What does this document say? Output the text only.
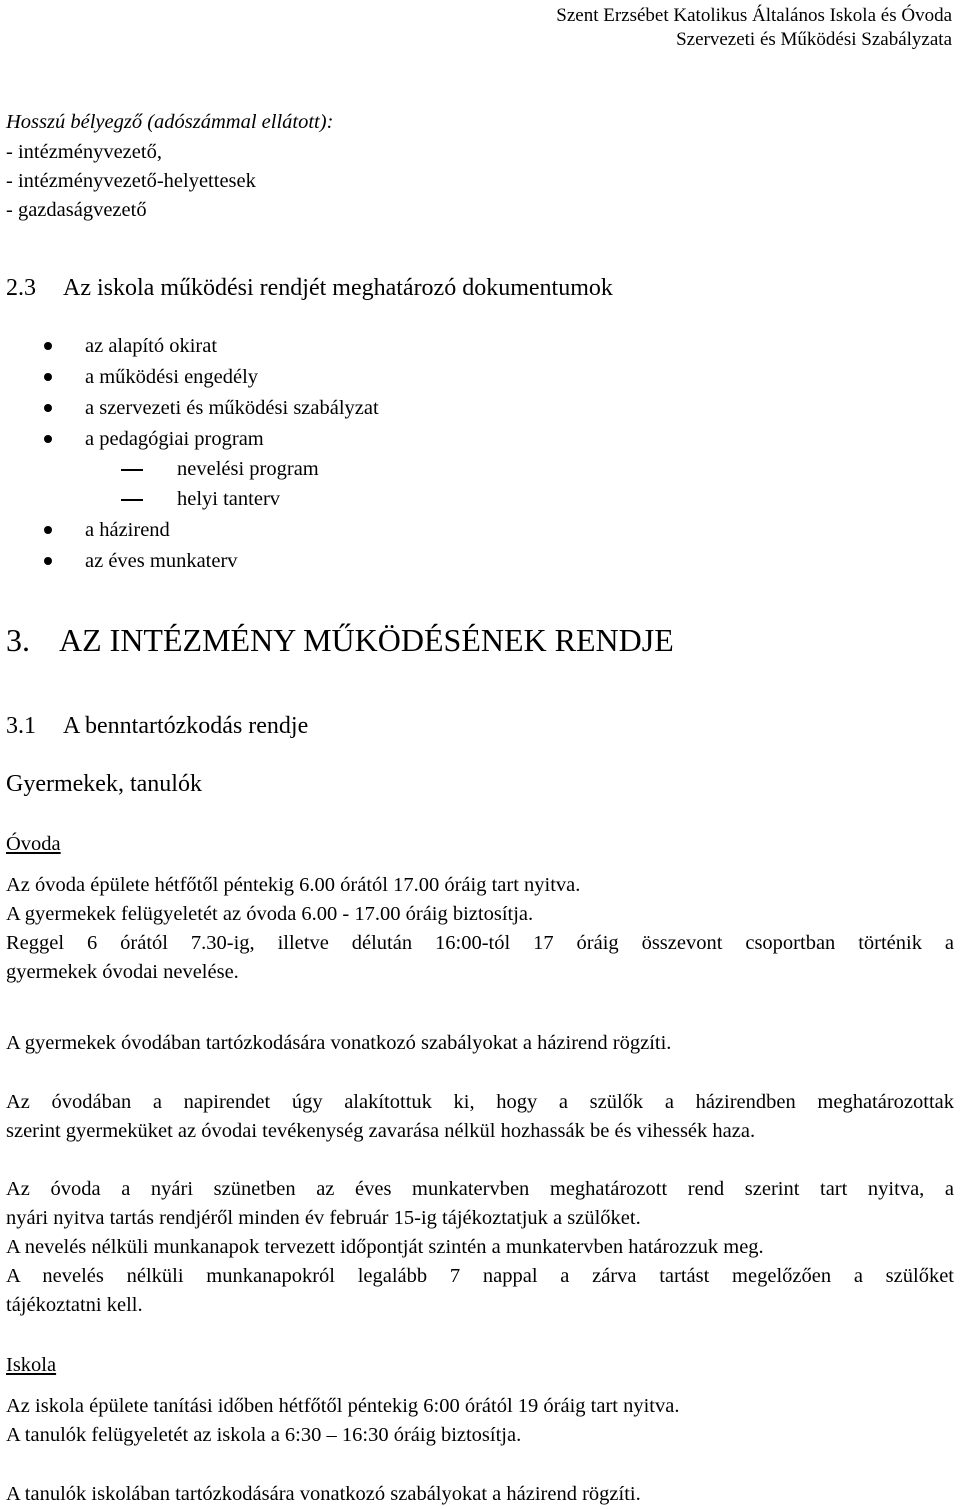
Szent Erzsébet Katolikus Általános Iskola és Óvoda
Szervezeti és Működési Szabályzata
Hosszú bélyegző (adószámmal ellátott):
- intézményvezető,
- intézményvezető-helyettesek
- gazdaságvezető
2.3 Az iskola működési rendjét meghatározó dokumentumok
az alapító okirat
a működési engedély
a szervezeti és működési szabályzat
a pedagógiai program
nevelési program
helyi tanterv
a házirend
az éves munkaterv
3. AZ INTÉZMÉNY MŰKÖDÉSÉNEK RENDJE
3.1 A benntartózkodás rendje
Gyermekek, tanulók
Óvoda
Az óvoda épülete hétfőtől péntekig 6.00 órától 17.00 óráig tart nyitva.
A gyermekek felügyeletét az óvoda 6.00 - 17.00 óráig biztosítja.
Reggel 6 órától 7.30-ig, illetve délután 16:00-tól 17 óráig összevont csoportban történik a
gyermekek óvodai nevelése.
A gyermekek óvodában tartózkodására vonatkozó szabályokat a házirend rögzíti.
Az óvodában a napirendet úgy alakítottuk ki, hogy a szülők a házirendben meghatározottak
szerint gyermeküket az óvodai tevékenység zavarása nélkül hozhassák be és vihessék haza.
Az óvoda a nyári szünetben az éves munkatervben meghatározott rend szerint tart nyitva, a
nyári nyitva tartás rendjéről minden év február 15-ig tájékoztatjuk a szülőket.
A nevelés nélküli munkanapok tervezett időpontját szintén a munkatervben határozzuk meg.
A nevelés nélküli munkanapokról legalább 7 nappal a zárva tartást megelőzően a szülőket
tájékoztatni kell.
Iskola
Az iskola épülete tanítási időben hétfőtől péntekig 6:00 órától 19 óráig tart nyitva.
A tanulók felügyeletét az iskola a 6:30 – 16:30 óráig biztosítja.
A tanulók iskolában tartózkodására vonatkozó szabályokat a házirend rögzíti.
